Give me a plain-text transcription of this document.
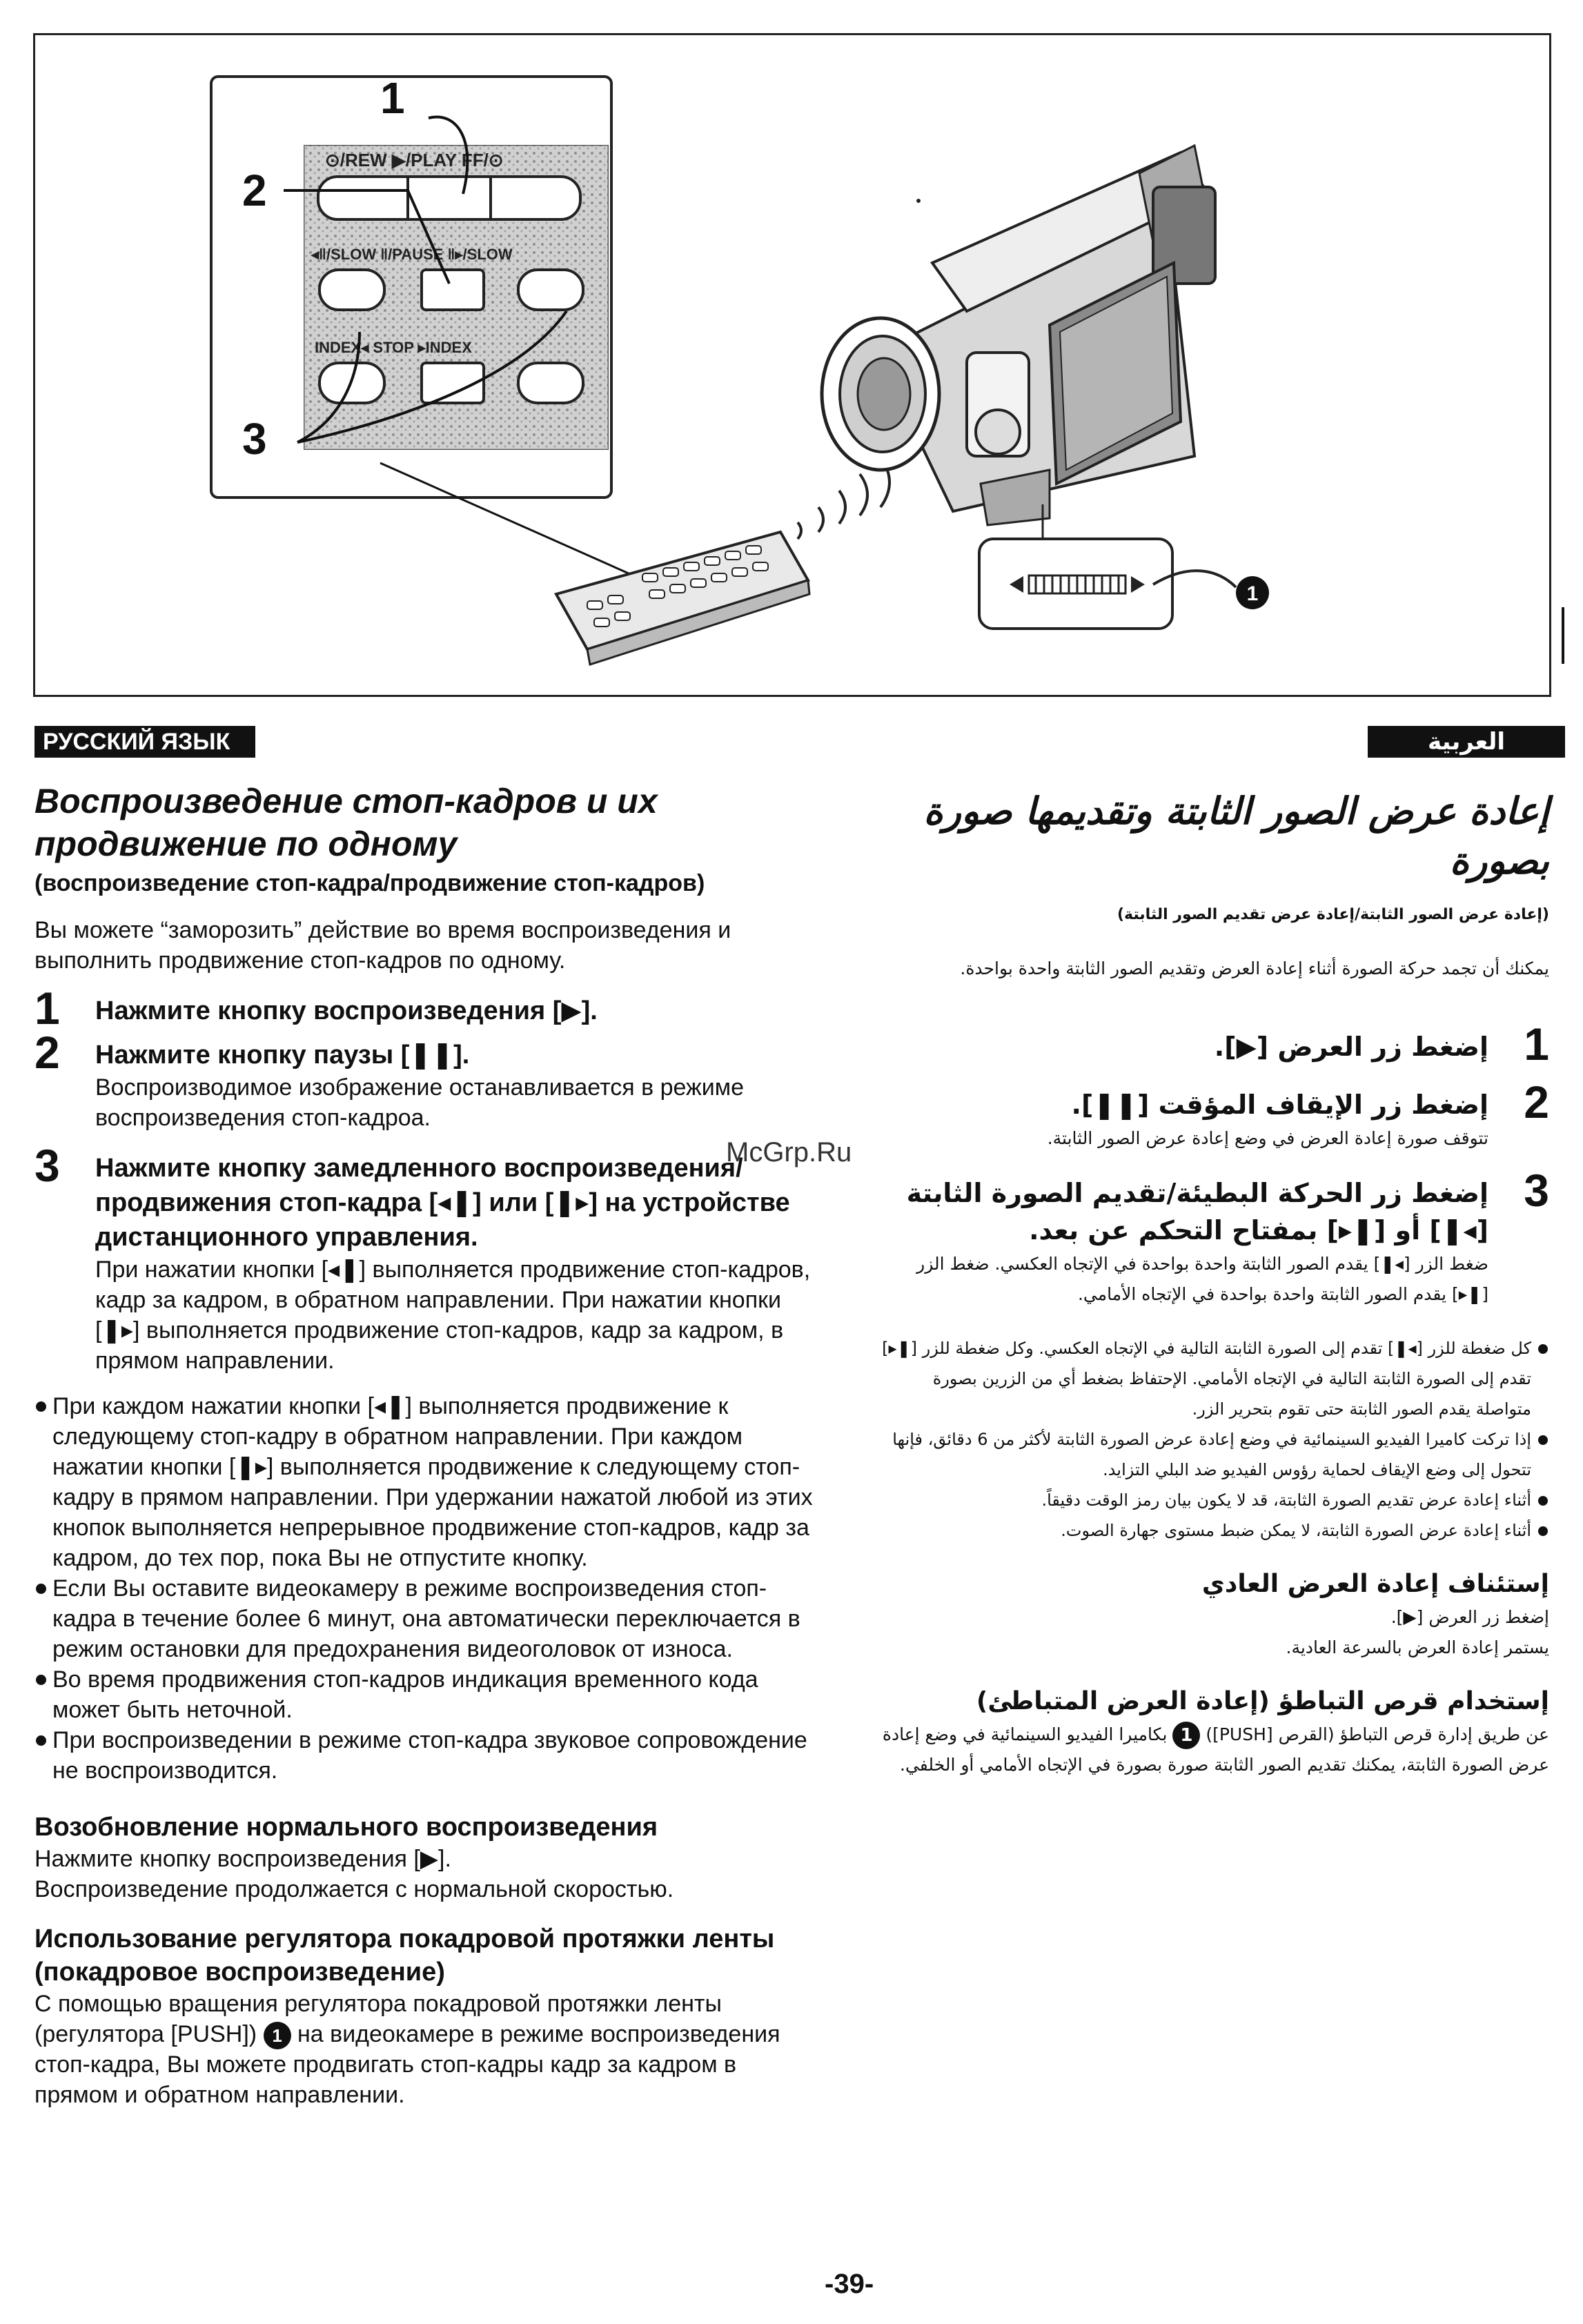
⊙/REW ▶/PLAY FF/⊙
◂‖/SLOW ‖/PAUSE ‖▸/SLOW
INDEX◂ STOP ▸INDEX
1
1
2
3
РУССКИЙ ЯЗЫК	العربية
McGrp.Ru
Воспроизведение стоп-кадров и их продвижение по одному
(воспроизведение стоп-кадра/продвижение стоп-кадров)

Вы можете “заморозить” действие во время воспроизведения и выполнить продвижение стоп-кадров по одному.

1 Нажмите кнопку воспроизведения [▶].
2 Нажмите кнопку паузы [❚❚].

Воспроизводимое изображение останавливается в режиме воспроизведения стоп-кадроа.

3 Нажмите кнопку замедленного воспроизведения/продвижения стоп-кадра [◂❚] или [❚▸] на устройстве дистанционного управления.

При нажатии кнопки [◂❚] выполняется продвижение стоп-кадров, кадр за кадром, в обратном направлении. При нажатии кнопки [❚▸] выполняется продвижение стоп-кадров, кадр за кадром, в прямом направлении.

При каждом нажатии кнопки [◂❚] выполняется продвижение к следующему стоп-кадру в обратном направлении. При каждом нажатии кнопки [❚▸] выполняется продвижение к следующему стоп-кадру в прямом направлении. При удержании нажатой любой из этих кнопок выполняется непрерывное продвижение стоп-кадров, кадр за кадром, до тех пор, пока Вы не отпустите кнопку.
Если Вы оставите видеокамеру в режиме воспроизведения стоп-кадра в течение более 6 минут, она автоматически переключается в режим остановки для предохранения видеоголовок от износа.
Во время продвижения стоп-кадров индикация временного кода может быть неточной.
При воспроизведении в режиме стоп-кадра звуковое сопровождение не воспроизводится.
Возобновление нормального воспроизведения

Нажмите кнопку воспроизведения [▶].

Воспроизведение продолжается с нормальной скоростью.

Использование регулятора покадровой протяжки ленты (покадровое воспроизведение)

С помощью вращения регулятора покадровой протяжки ленты (регулятора [PUSH]) 1 на видеокамере в режиме воспроизведения стоп-кадра, Вы можете продвигать стоп-кадры кадр за кадром в прямом и обратном направлении.

إعادة عرض الصور الثابتة وتقديمها صورة بصورة
(إعادة عرض الصور الثابتة/إعادة عرض تقديم الصور الثابتة)

يمكنك أن تجمد حركة الصورة أثناء إعادة العرض وتقديم الصور الثابتة واحدة بواحدة.

1
إضغط زر العرض [▶].
2
إضغط زر الإيقاف المؤقت [❚❚].

تتوقف صورة إعادة العرض في وضع إعادة عرض الصور الثابتة.

3
إضغط زر الحركة البطيئة/تقديم الصورة الثابتة [◂❚] أو [❚▸] بمفتاح التحكم عن بعد.

ضغط الزر [◂❚] يقدم الصور الثابتة واحدة بواحدة في الإتجاه العكسي. ضغط الزر [❚▸] يقدم الصور الثابتة واحدة بواحدة في الإتجاه الأمامي.

كل ضغطة للزر [◂❚] تقدم إلى الصورة الثابتة التالية في الإتجاه العكسي. وكل ضغطة للزر [❚▸] تقدم إلى الصورة الثابتة التالية في الإتجاه الأمامي. الإحتفاظ بضغط أي من الزرين بصورة متواصلة يقدم الصور الثابتة حتى تقوم بتحرير الزر.
إذا تركت كاميرا الفيديو السينمائية في وضع إعادة عرض الصورة الثابتة لأكثر من 6 دقائق، فإنها تتحول إلى وضع الإيقاف لحماية رؤوس الفيديو ضد البلي التزايد.
أثناء إعادة عرض تقديم الصورة الثابتة، قد لا يكون بيان رمز الوقت دقيقاً.
أثناء إعادة عرض الصورة الثابتة، لا يمكن ضبط مستوى جهارة الصوت.
إستئناف إعادة العرض العادي

إضغط زر العرض [▶].

يستمر إعادة العرض بالسرعة العادية.

إستخدام قرص التباطؤ (إعادة العرض المتباطئ)

عن طريق إدارة قرص التباطؤ (القرص [PUSH]) 1 بكاميرا الفيديو السينمائية في وضع إعادة عرض الصورة الثابتة، يمكنك تقديم الصور الثابتة صورة بصورة في الإتجاه الأمامي أو الخلفي.

-39-
